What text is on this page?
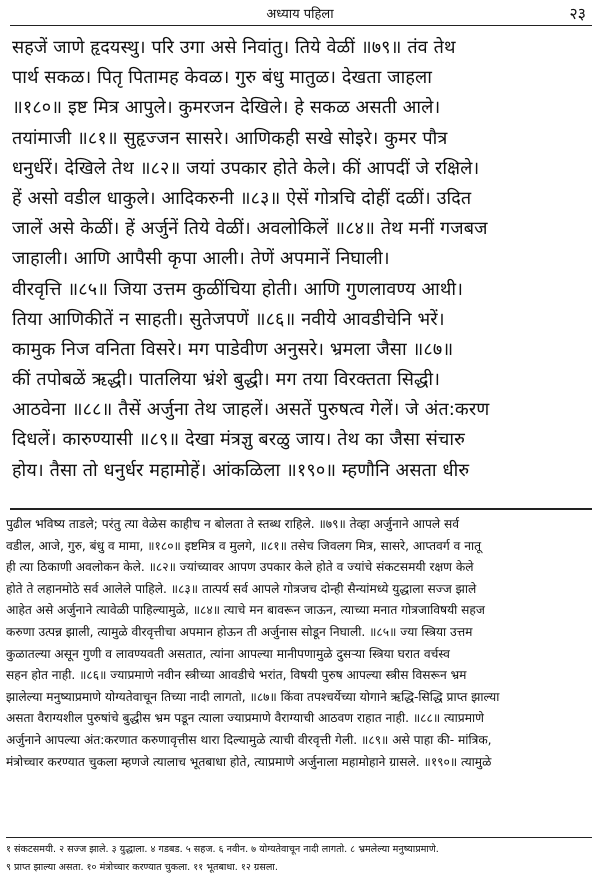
अध्याय पहिला	२३
सहजें जाणे हृदयस्थु। परि उगा असे निवांतु। तिये वेळीं ॥७९॥ तंव तेथ
पार्थ सकळ। पितृ पितामह केवळ। गुरु बंधु मातुळ। देखता जाहला
॥१८०॥ इष्ट मित्र आपुले। कुमरजन देखिले। हे सकळ असती आले।
तयांमाजी ॥८१॥ सुहृज्जन सासरे। आणिकही सखे सोइरे। कुमर पौत्र
धनुर्धरें। देखिले तेथ ॥८२॥ जयां उपकार होते केले। कीं आपदीं जे रक्षिले।
हें असो वडील धाकुले। आदिकरुनी ॥८३॥ ऐसें गोत्रचि दोहीं दळीं। उदित
जालें असे केळीं। हें अर्जुनें तिये वेळीं। अवलोकिलें ॥८४॥ तेथ मनीं गजबज
जाहाली। आणि आपैसी कृपा आली। तेणें अपमानें निघाली।
वीरवृत्ति ॥८५॥ जिया उत्तम कुळींचिया होती। आणि गुणलावण्य आथी।
तिया आणिकीतें न साहती। सुतेजपणें ॥८६॥ नवीये आवडीचेनि भरें।
कामुक निज वनिता विसरे। मग पाडेवीण अनुसरे। भ्रमला जैसा ॥८७॥
कीं तपोबळें ऋद्धी। पातलिया भ्रंशे बुद्धी। मग तया विरक्तता सिद्धी।
आठवेना ॥८८॥ तैसें अर्जुना तेथ जाहलें। असतें पुरुषत्व गेलें। जे अंत:करण
दिधलें। कारुण्यासी ॥८९॥ देखा मंत्रज्ञु बरळु जाय। तेथ का जैसा संचारु
होय। तैसा तो धनुर्धर महामोहें। आंकळिला ॥१९०॥ म्हणौनि असता धीरु
पुढील भविष्य ताडले; परंतु त्या वेळेस काहीच न बोलता ते स्तब्ध राहिले. ॥७९॥ तेव्हा अर्जुनाने आपले सर्व
वडील, आजे, गुरु, बंधु व मामा, ॥१८०॥ इष्टमित्र व मुलगे, ॥८१॥ तसेच जिवलग मित्र, सासरे, आप्तवर्ग व नातू
ही त्या ठिकाणी अवलोकन केले. ॥८२॥ ज्यांच्यावर आपण उपकार केले होते व ज्यांचे संकटसमयी रक्षण केले
होते ते लहानमोठे सर्व आलेले पाहिले. ॥८३॥ तात्पर्य सर्व आपले गोत्रजच दोन्ही सैन्यांमध्ये युद्धाला सज्ज झाले
आहेत असे अर्जुनाने त्यावेळी पाहिल्यामुळे, ॥८४॥ त्याचे मन बावरून जाऊन, त्याच्या मनात गोत्रजाविषयी सहज
करुणा उत्पन्न झाली, त्यामुळे वीरवृत्तीचा अपमान होऊन ती अर्जुनास सोडून निघाली. ॥८५॥ ज्या स्त्रिया उत्तम
कुळातल्या असून गुणी व लावण्यवती असतात, त्यांना आपल्या मानीपणामुळे दुसऱ्या स्त्रिया घरात वर्चस्व
सहन होत नाही. ॥८६॥ ज्याप्रमाणे नवीन स्त्रीच्या आवडीचे भरांत, विषयी पुरुष आपल्या स्त्रीस विसरून भ्रम
झालेल्या मनुष्याप्रमाणे योग्यतेवाचून तिच्या नादी लागतो, ॥८७॥ किंवा तपश्चर्येच्या योगाने ऋद्धि-सिद्धि प्राप्त झाल्या
असता वैराग्यशील पुरुषांचे बुद्धीस भ्रम पडून त्याला ज्याप्रमाणे वैराग्याची आठवण राहात नाही. ॥८८॥ त्याप्रमाणे
अर्जुनाने आपल्या अंत:करणात करुणावृत्तीस थारा दिल्यामुळे त्याची वीरवृत्ती गेली. ॥८९॥ असे पाहा की- मांत्रिक,
मंत्रोच्चार करण्यात चुकला म्हणजे त्यालाच भूतबाधा होते, त्याप्रमाणे अर्जुनाला महामोहाने ग्रासले. ॥१९०॥ त्यामुळे
१ संकटसमयी. २ सज्ज झाले. ३ युद्धाला. ४ गडबड. ५ सहज. ६ नवीन. ७ योग्यतेवाचून नादी लागतो. ८ भ्रमलेल्या मनुष्याप्रमाणे.
९ प्राप्त झाल्या असता. १० मंत्रोच्चार करण्यात चुकला. ११ भूतबाधा. १२ ग्रसला.
